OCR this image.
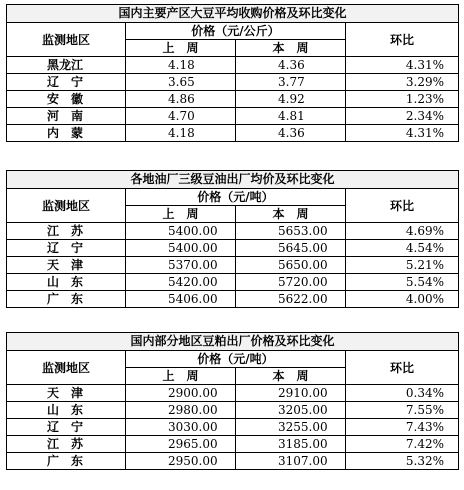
国内主要产区大豆平均收购价格及环比变化			
监测地区	价格（元/公斤）		环比
	上　周	本　周	
黑龙江	4.18	4.36	4.31%
辽　宁	3.65	3.77	3.29%
安　徽	4.86	4.92	1.23%
河　南	4.70	4.81	2.34%
内　蒙	4.18	4.36	4.31%
各地油厂三级豆油出厂均价及环比变化			
监测地区	价格（元/吨）		环比
	上　周	本　周	
江　苏	5400.00	5653.00	4.69%
辽　宁	5400.00	5645.00	4.54%
天　津	5370.00	5650.00	5.21%
山　东	5420.00	5720.00	5.54%
广　东	5406.00	5622.00	4.00%
国内部分地区豆粕出厂价格及环比变化			
监测地区	价格（元/吨）		环比
	上　周	本　周	
天　津	2900.00	2910.00	0.34%
山　东	2980.00	3205.00	7.55%
辽　宁	3030.00	3255.00	7.43%
江　苏	2965.00	3185.00	7.42%
广　东	2950.00	3107.00	5.32%
